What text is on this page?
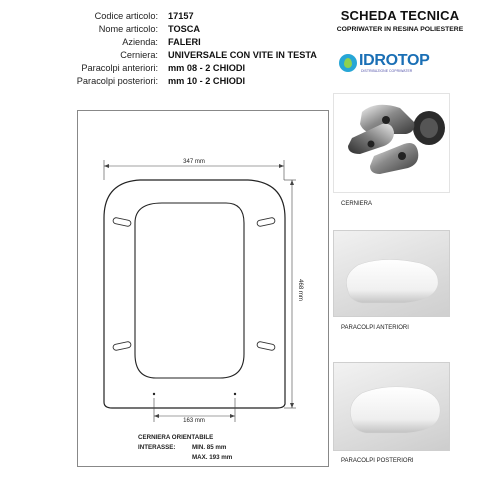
Codice articolo: 17157
Nome articolo: TOSCA
Azienda: FALERI
Cerniera: UNIVERSALE CON VITE IN TESTA
Paracolpi anteriori: mm 08 - 2 CHIODI
Paracolpi posteriori: mm 10 - 2 CHIODI
SCHEDA TECNICA
COPRIWATER IN RESINA POLIESTERE
IDROTOP
DISTRIBUZIONE COPRIWATER
347 mm
468 mm
163 mm
CERNIERA ORIENTABILE
INTERASSE:	MIN. 85 mm
MAX. 193 mm
CERNIERA
PARACOLPI ANTERIORI
PARACOLPI POSTERIORI
